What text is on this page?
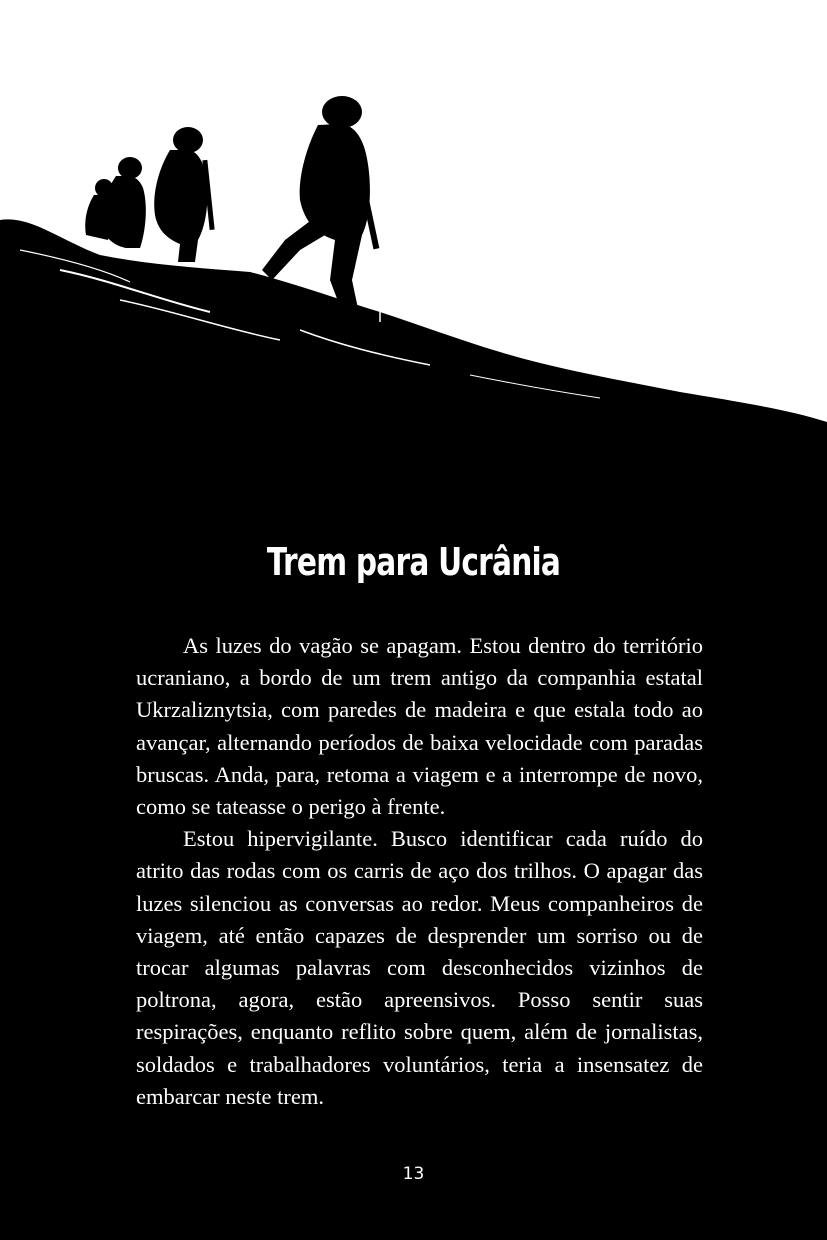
Trem para Ucrânia

As luzes do vagão se apagam. Estou dentro do território ucraniano, a bordo de um trem antigo da companhia estatal Ukrzaliznytsia, com paredes de madeira e que estala todo ao avançar, alternando períodos de baixa velocidade com paradas bruscas. Anda, para, retoma a viagem e a interrompe de novo, como se tateasse o perigo à frente.

Estou hipervigilante. Busco identificar cada ruído do atrito das rodas com os carris de aço dos trilhos. O apagar das luzes silenciou as conversas ao redor. Meus companheiros de viagem, até então capazes de desprender um sorriso ou de trocar algumas palavras com desconhecidos vizinhos de poltrona, agora, estão apreensivos. Posso sentir suas respirações, enquanto reflito sobre quem, além de jornalistas, soldados e trabalhadores voluntários, teria a insensatez de embarcar neste trem.

13
